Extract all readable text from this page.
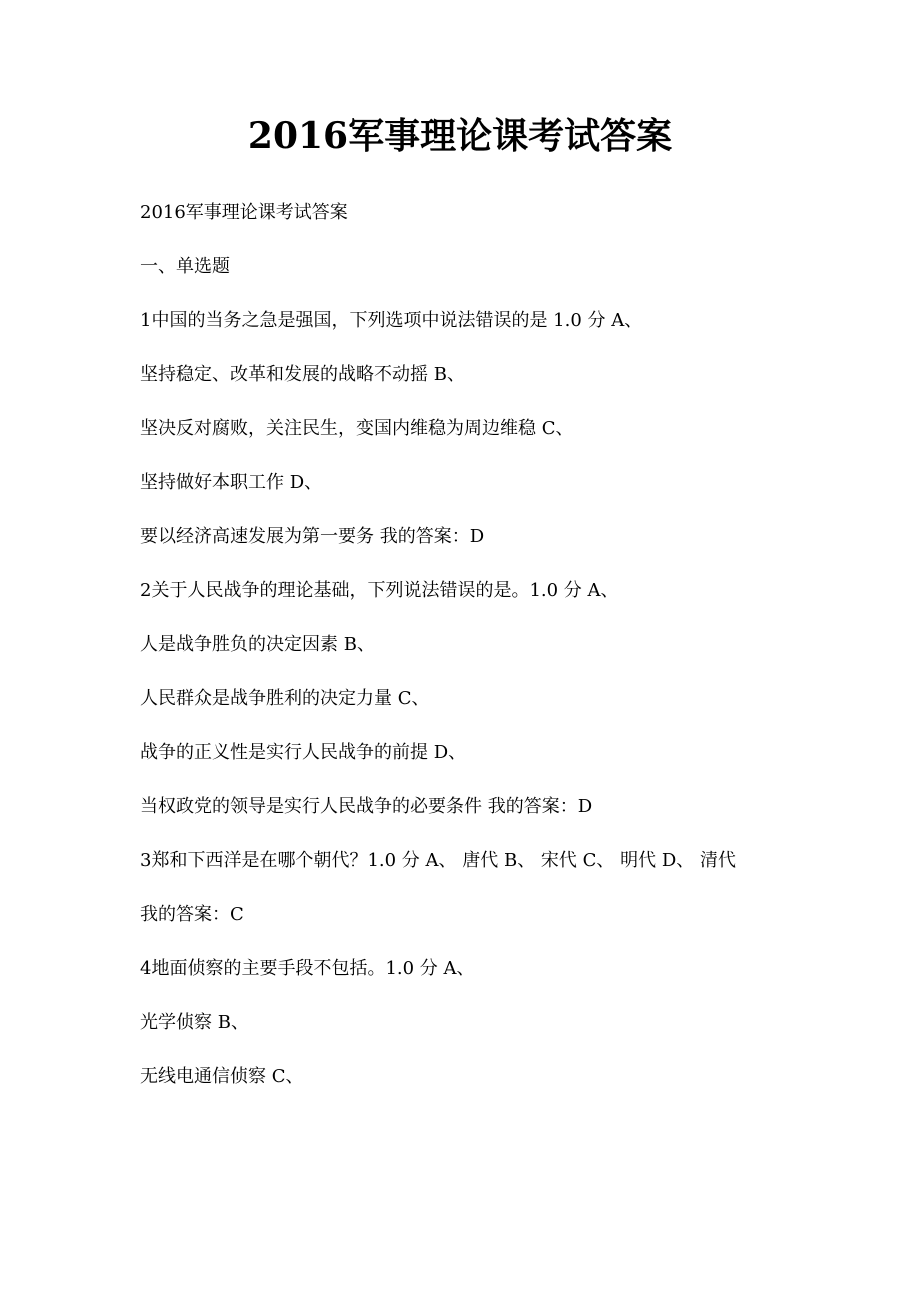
2016军事理论课考试答案

2016军事理论课考试答案

一、单选题

1中国的当务之急是强国，下列选项中说法错误的是 1.0 分 A、

坚持稳定、改革和发展的战略不动摇 B、

坚决反对腐败，关注民生，变国内维稳为周边维稳 C、

坚持做好本职工作 D、

要以经济高速发展为第一要务 我的答案：D

2关于人民战争的理论基础，下列说法错误的是。1.0 分 A、

人是战争胜负的决定因素 B、

人民群众是战争胜利的决定力量 C、

战争的正义性是实行人民战争的前提 D、

当权政党的领导是实行人民战争的必要条件 我的答案：D

3郑和下西洋是在哪个朝代？1.0 分 A、 唐代 B、 宋代 C、 明代 D、 清代

我的答案：C

4地面侦察的主要手段不包括。1.0 分 A、

光学侦察 B、

无线电通信侦察 C、
